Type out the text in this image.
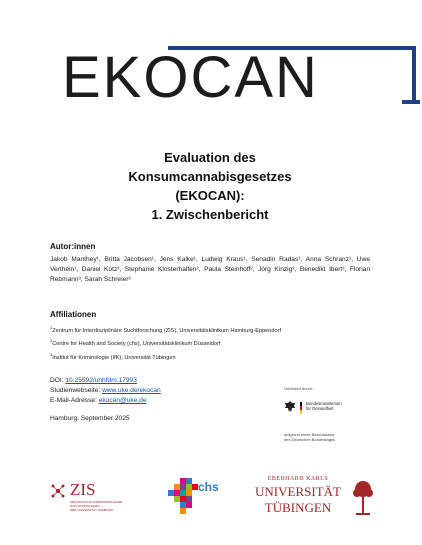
EKOCAN
Evaluation des
Konsumcannabisgesetzes
(EKOCAN):
1. Zwischenbericht
Autor:innen
Jakob Manthey¹, Britta Jacobsen¹, Jens Kalke¹, Ludwig Kraus¹, Senadin Radas¹, Anna Schranz¹, Uwe Verthein¹, Daniel Kotz², Stephanie Klosterhalfen², Paula Steinhoff², Jörg Kinzig³, Benedikt Ibert³, Florian Rebmann³, Sarah Schreier³
Affiliationen
$^1$Zentrum für Interdisziplinäre Suchtforschung (ZIS), Universitätsklinikum Hamburg-Eppendorf
$^2$Centre for Health and Society (chs), Universitätsklinikum Düsseldorf
$^3$Institut für Kriminologie (IfK), Universität Tübingen
DOI: 10.25592/uhhfdm.17993
Studienwebseite: www.uke.de/ekocan
E-Mail-Adresse: ekocan@uke.de
Hamburg, September 2025
Gefördert durch:
Bundesministerium
für Gesundheit
aufgrund eines Beschlusses
des Deutschen Bundestages
ZIS
ZENTRUM FÜR INTERDISZIPLINÄRE
SUCHTFORSCHUNG
DER UNIVERSITÄT HAMBURG
chs
EBERHARD KARLS
UNIVERSITÄT
TÜBINGEN
